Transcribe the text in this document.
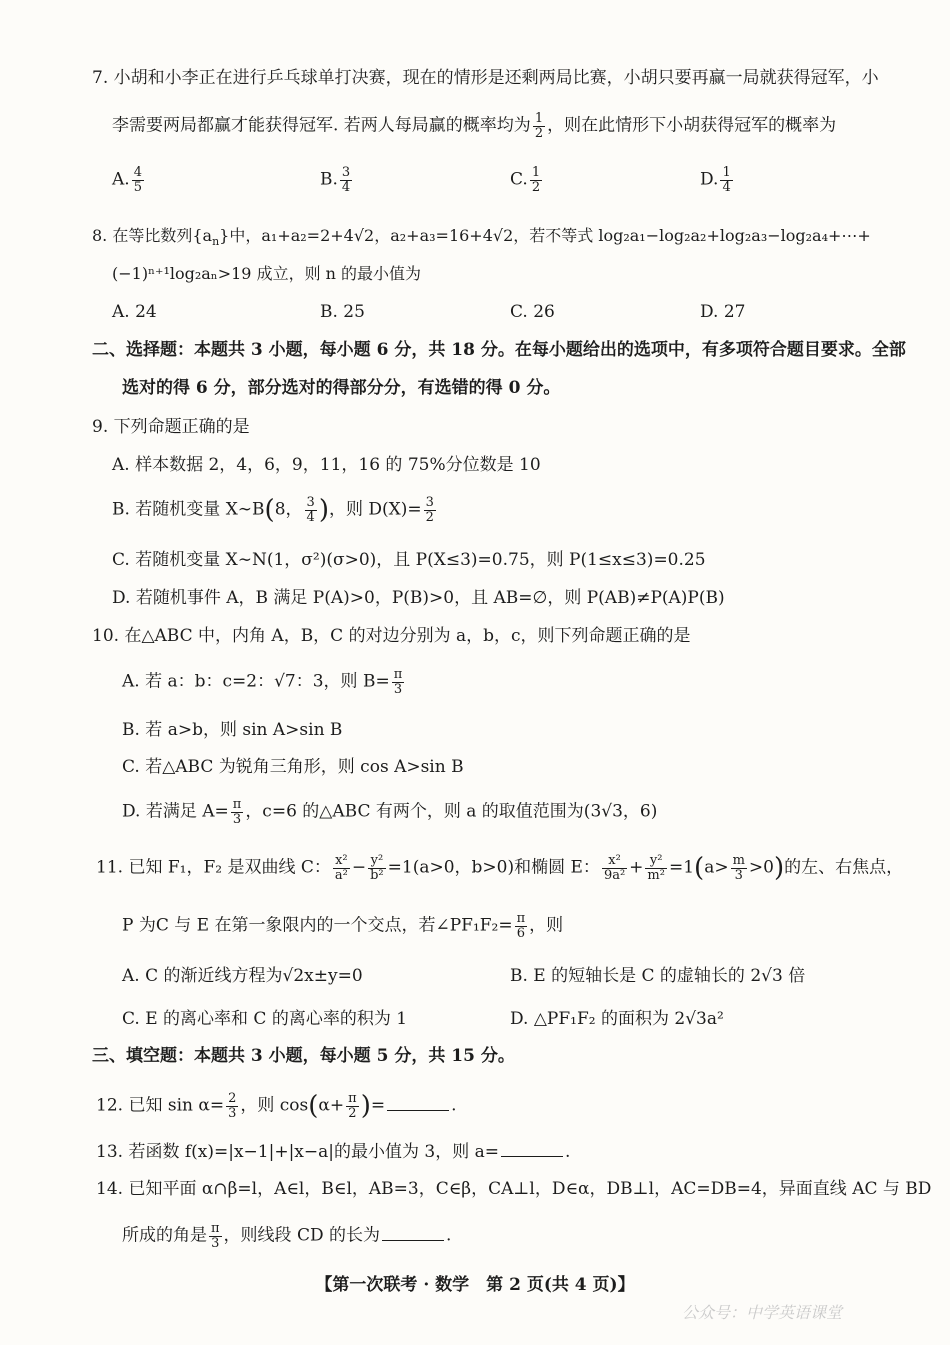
7. 小胡和小李正在进行乒乓球单打决赛，现在的情形是还剩两局比赛，小胡只要再赢一局就获得冠军，小
李需要两局都赢才能获得冠军. 若两人每局赢的概率均为 $\frac{1}{2}$ ，则在此情形下小胡获得冠军的概率为
A. $\frac{4}{5}$	B. $\frac{3}{4}$	C. $\frac{1}{2}$	D. $\frac{1}{4}$
8. 在等比数列$\{a_n\}$中，a₁+a₂=2+4√2，a₂+a₃=16+4√2，若不等式 log₂a₁−log₂a₂+log₂a₃−log₂a₄+⋯+
(−1)ⁿ⁺¹log₂aₙ>19 成立，则 n 的最小值为
A. 24	B. 25	C. 26	D. 27
二、选择题：本题共 3 小题，每小题 6 分，共 18 分。在每小题给出的选项中，有多项符合题目要求。全部
选对的得 6 分，部分选对的得部分分，有选错的得 0 分。
9. 下列命题正确的是
A. 样本数据 2，4，6，9，11，16 的 75%分位数是 10
B. 若随机变量 X∼B(8， $\frac{3}{4}$ )，则 $D(X)= \frac{3}{2}$
C. 若随机变量 X∼N(1，σ²)(σ>0)，且 P(X≤3)=0.75，则 P(1≤x≤3)=0.25
D. 若随机事件 A，B 满足 P(A)>0，P(B)>0，且 AB=∅，则 P(AB)≠P(A)P(B)
10. 在△ABC 中，内角 A，B，C 的对边分别为 a，b，c，则下列命题正确的是
A. 若 a：b：c=2：√7：3，则 $B= \frac{\pi}{3}$
B. 若 a>b，则 sin A>sin B
C. 若△ABC 为锐角三角形，则 cos A>sin B
D. 若满足 $A= \frac{\pi}{3}$ ，c=6 的△ABC 有两个，则 a 的取值范围为(3√3，6)
11. 已知 F₁，F₂ 是双曲线 C： $\frac{\text{x²}}{\text{a²}} - \frac{\text{y²}}{\text{b²}} =1(a>0$，b>0)和椭圆 E： $\frac{\text{x²}}{\text{9a²}} + \frac{\text{y²}}{\text{m²}} =1(a> \frac{m}{3} >0)$的左、右焦点，
P 为C 与 E 在第一象限内的一个交点，若∠PF₁F₂= $\frac{\pi}{6}$ ，则
A. C 的渐近线方程为√2x±y=0	B. E 的短轴长是 C 的虚轴长的 2√3 倍
C. E 的离心率和 C 的离心率的积为 1	D. △PF₁F₂ 的面积为 2√3a²
三、填空题：本题共 3 小题，每小题 5 分，共 15 分。
12. 已知 $\sin \alpha= \frac{2}{3}$ ，则 $\cos(\alpha+ \frac{\pi}{2}$ )=	.
13. 若函数 f(x)=|x−1|+|x−a|的最小值为 3，则 a=	.
14. 已知平面 α∩β=l，A∈l，B∈l，AB=3，C∈β，CA⊥l，D∈α，DB⊥l，AC=DB=4，异面直线 AC 与 BD
所成的角是 $\frac{\pi}{3}$ ，则线段 CD 的长为	.
【第一次联考 · 数学　第 2 页(共 4 页)】
公众号：中学英语课堂
